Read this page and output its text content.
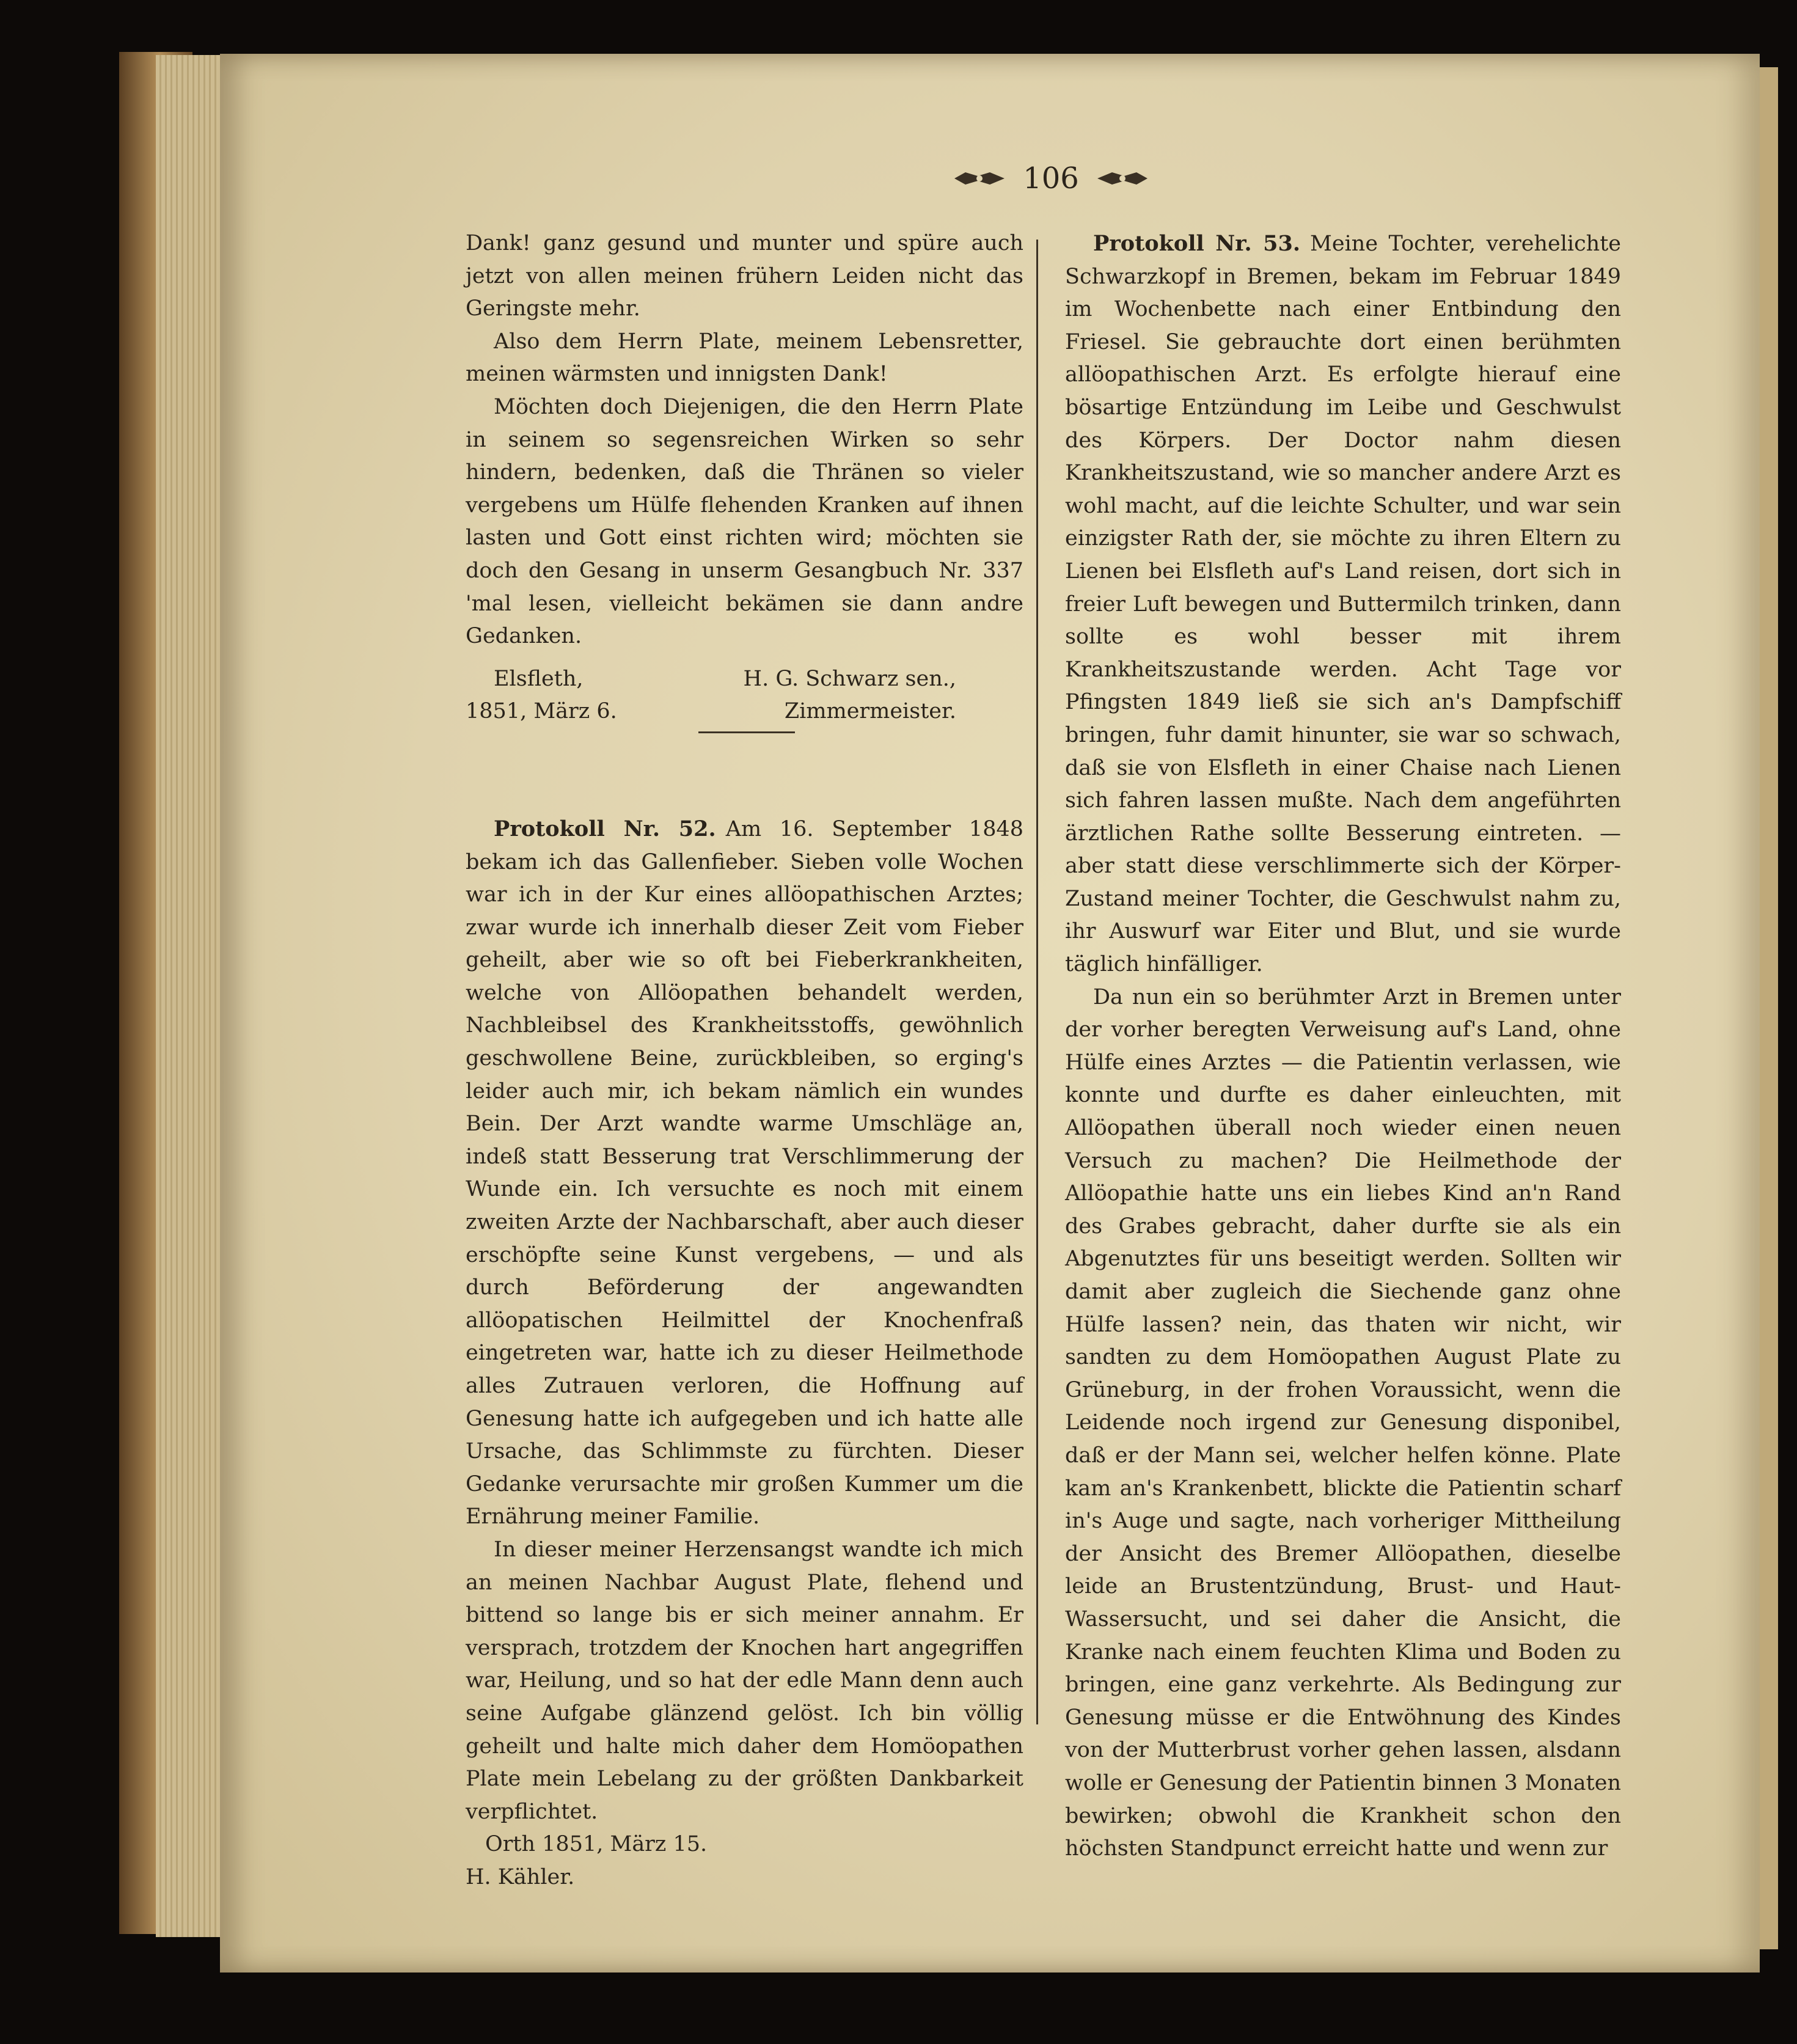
106

Dank! ganz gesund und munter und spüre auch jetzt von allen meinen frühern Leiden nicht das Geringste mehr.

Also dem Herrn Plate, meinem Lebensretter, meinen wärmsten und innigsten Dank!

Möchten doch Diejenigen, die den Herrn Plate in seinem so segensreichen Wirken so sehr hindern, bedenken, daß die Thränen so vieler vergebens um Hülfe flehenden Kranken auf ihnen lasten und Gott einst richten wird; möchten sie doch den Gesang in unserm Gesangbuch Nr. 337 'mal lesen, vielleicht bekämen sie dann andre Gedanken.

Elsfleth,	H. G. Schwarz sen.,
1851, März 6.	Zimmermeister.

Protokoll Nr. 52. Am 16. September 1848 bekam ich das Gallenfieber. Sieben volle Wochen war ich in der Kur eines allöopathischen Arztes; zwar wurde ich innerhalb dieser Zeit vom Fieber geheilt, aber wie so oft bei Fieberkrankheiten, welche von Allöopathen behandelt werden, Nachbleibsel des Krankheitsstoffs, gewöhnlich geschwollene Beine, zurückbleiben, so erging's leider auch mir, ich bekam nämlich ein wundes Bein. Der Arzt wandte warme Umschläge an, indeß statt Besserung trat Verschlimmerung der Wunde ein. Ich versuchte es noch mit einem zweiten Arzte der Nachbarschaft, aber auch dieser erschöpfte seine Kunst vergebens, — und als durch Beförderung der angewandten allöopatischen Heilmittel der Knochenfraß eingetreten war, hatte ich zu dieser Heilmethode alles Zutrauen verloren, die Hoffnung auf Genesung hatte ich aufgegeben und ich hatte alle Ursache, das Schlimmste zu fürchten. Dieser Gedanke verursachte mir großen Kummer um die Ernährung meiner Familie.

In dieser meiner Herzensangst wandte ich mich an meinen Nachbar August Plate, flehend und bittend so lange bis er sich meiner annahm. Er versprach, trotzdem der Knochen hart angegriffen war, Heilung, und so hat der edle Mann denn auch seine Aufgabe glänzend gelöst. Ich bin völlig geheilt und halte mich daher dem Homöopathen Plate mein Lebelang zu der größten Dankbarkeit verpflichtet.

Orth 1851, März 15.

H. Kähler.

Protokoll Nr. 53. Meine Tochter, verehelichte Schwarzkopf in Bremen, bekam im Februar 1849 im Wochenbette nach einer Entbindung den Friesel. Sie gebrauchte dort einen berühmten allöopathischen Arzt. Es erfolgte hierauf eine bösartige Entzündung im Leibe und Geschwulst des Körpers. Der Doctor nahm diesen Krankheitszustand, wie so mancher andere Arzt es wohl macht, auf die leichte Schulter, und war sein einzigster Rath der, sie möchte zu ihren Eltern zu Lienen bei Elsfleth auf's Land reisen, dort sich in freier Luft bewegen und Buttermilch trinken, dann sollte es wohl besser mit ihrem Krankheitszustande werden. Acht Tage vor Pfingsten 1849 ließ sie sich an's Dampfschiff bringen, fuhr damit hinunter, sie war so schwach, daß sie von Elsfleth in einer Chaise nach Lienen sich fahren lassen mußte. Nach dem angeführten ärztlichen Rathe sollte Besserung eintreten. — aber statt diese verschlimmerte sich der Körper-Zustand meiner Tochter, die Geschwulst nahm zu, ihr Auswurf war Eiter und Blut, und sie wurde täglich hinfälliger.

Da nun ein so berühmter Arzt in Bremen unter der vorher beregten Verweisung auf's Land, ohne Hülfe eines Arztes — die Patientin verlassen, wie konnte und durfte es daher einleuchten, mit Allöopathen überall noch wieder einen neuen Versuch zu machen? Die Heilmethode der Allöopathie hatte uns ein liebes Kind an'n Rand des Grabes gebracht, daher durfte sie als ein Abgenutztes für uns beseitigt werden. Sollten wir damit aber zugleich die Siechende ganz ohne Hülfe lassen? nein, das thaten wir nicht, wir sandten zu dem Homöopathen August Plate zu Grüneburg, in der frohen Voraussicht, wenn die Leidende noch irgend zur Genesung disponibel, daß er der Mann sei, welcher helfen könne. Plate kam an's Krankenbett, blickte die Patientin scharf in's Auge und sagte, nach vorheriger Mittheilung der Ansicht des Bremer Allöopathen, dieselbe leide an Brustentzündung, Brust- und Haut-Wassersucht, und sei daher die Ansicht, die Kranke nach einem feuchten Klima und Boden zu bringen, eine ganz verkehrte. Als Bedingung zur Genesung müsse er die Entwöhnung des Kindes von der Mutterbrust vorher gehen lassen, alsdann wolle er Genesung der Patientin binnen 3 Monaten bewirken; obwohl die Krankheit schon den höchsten Standpunct erreicht hatte und wenn zur
